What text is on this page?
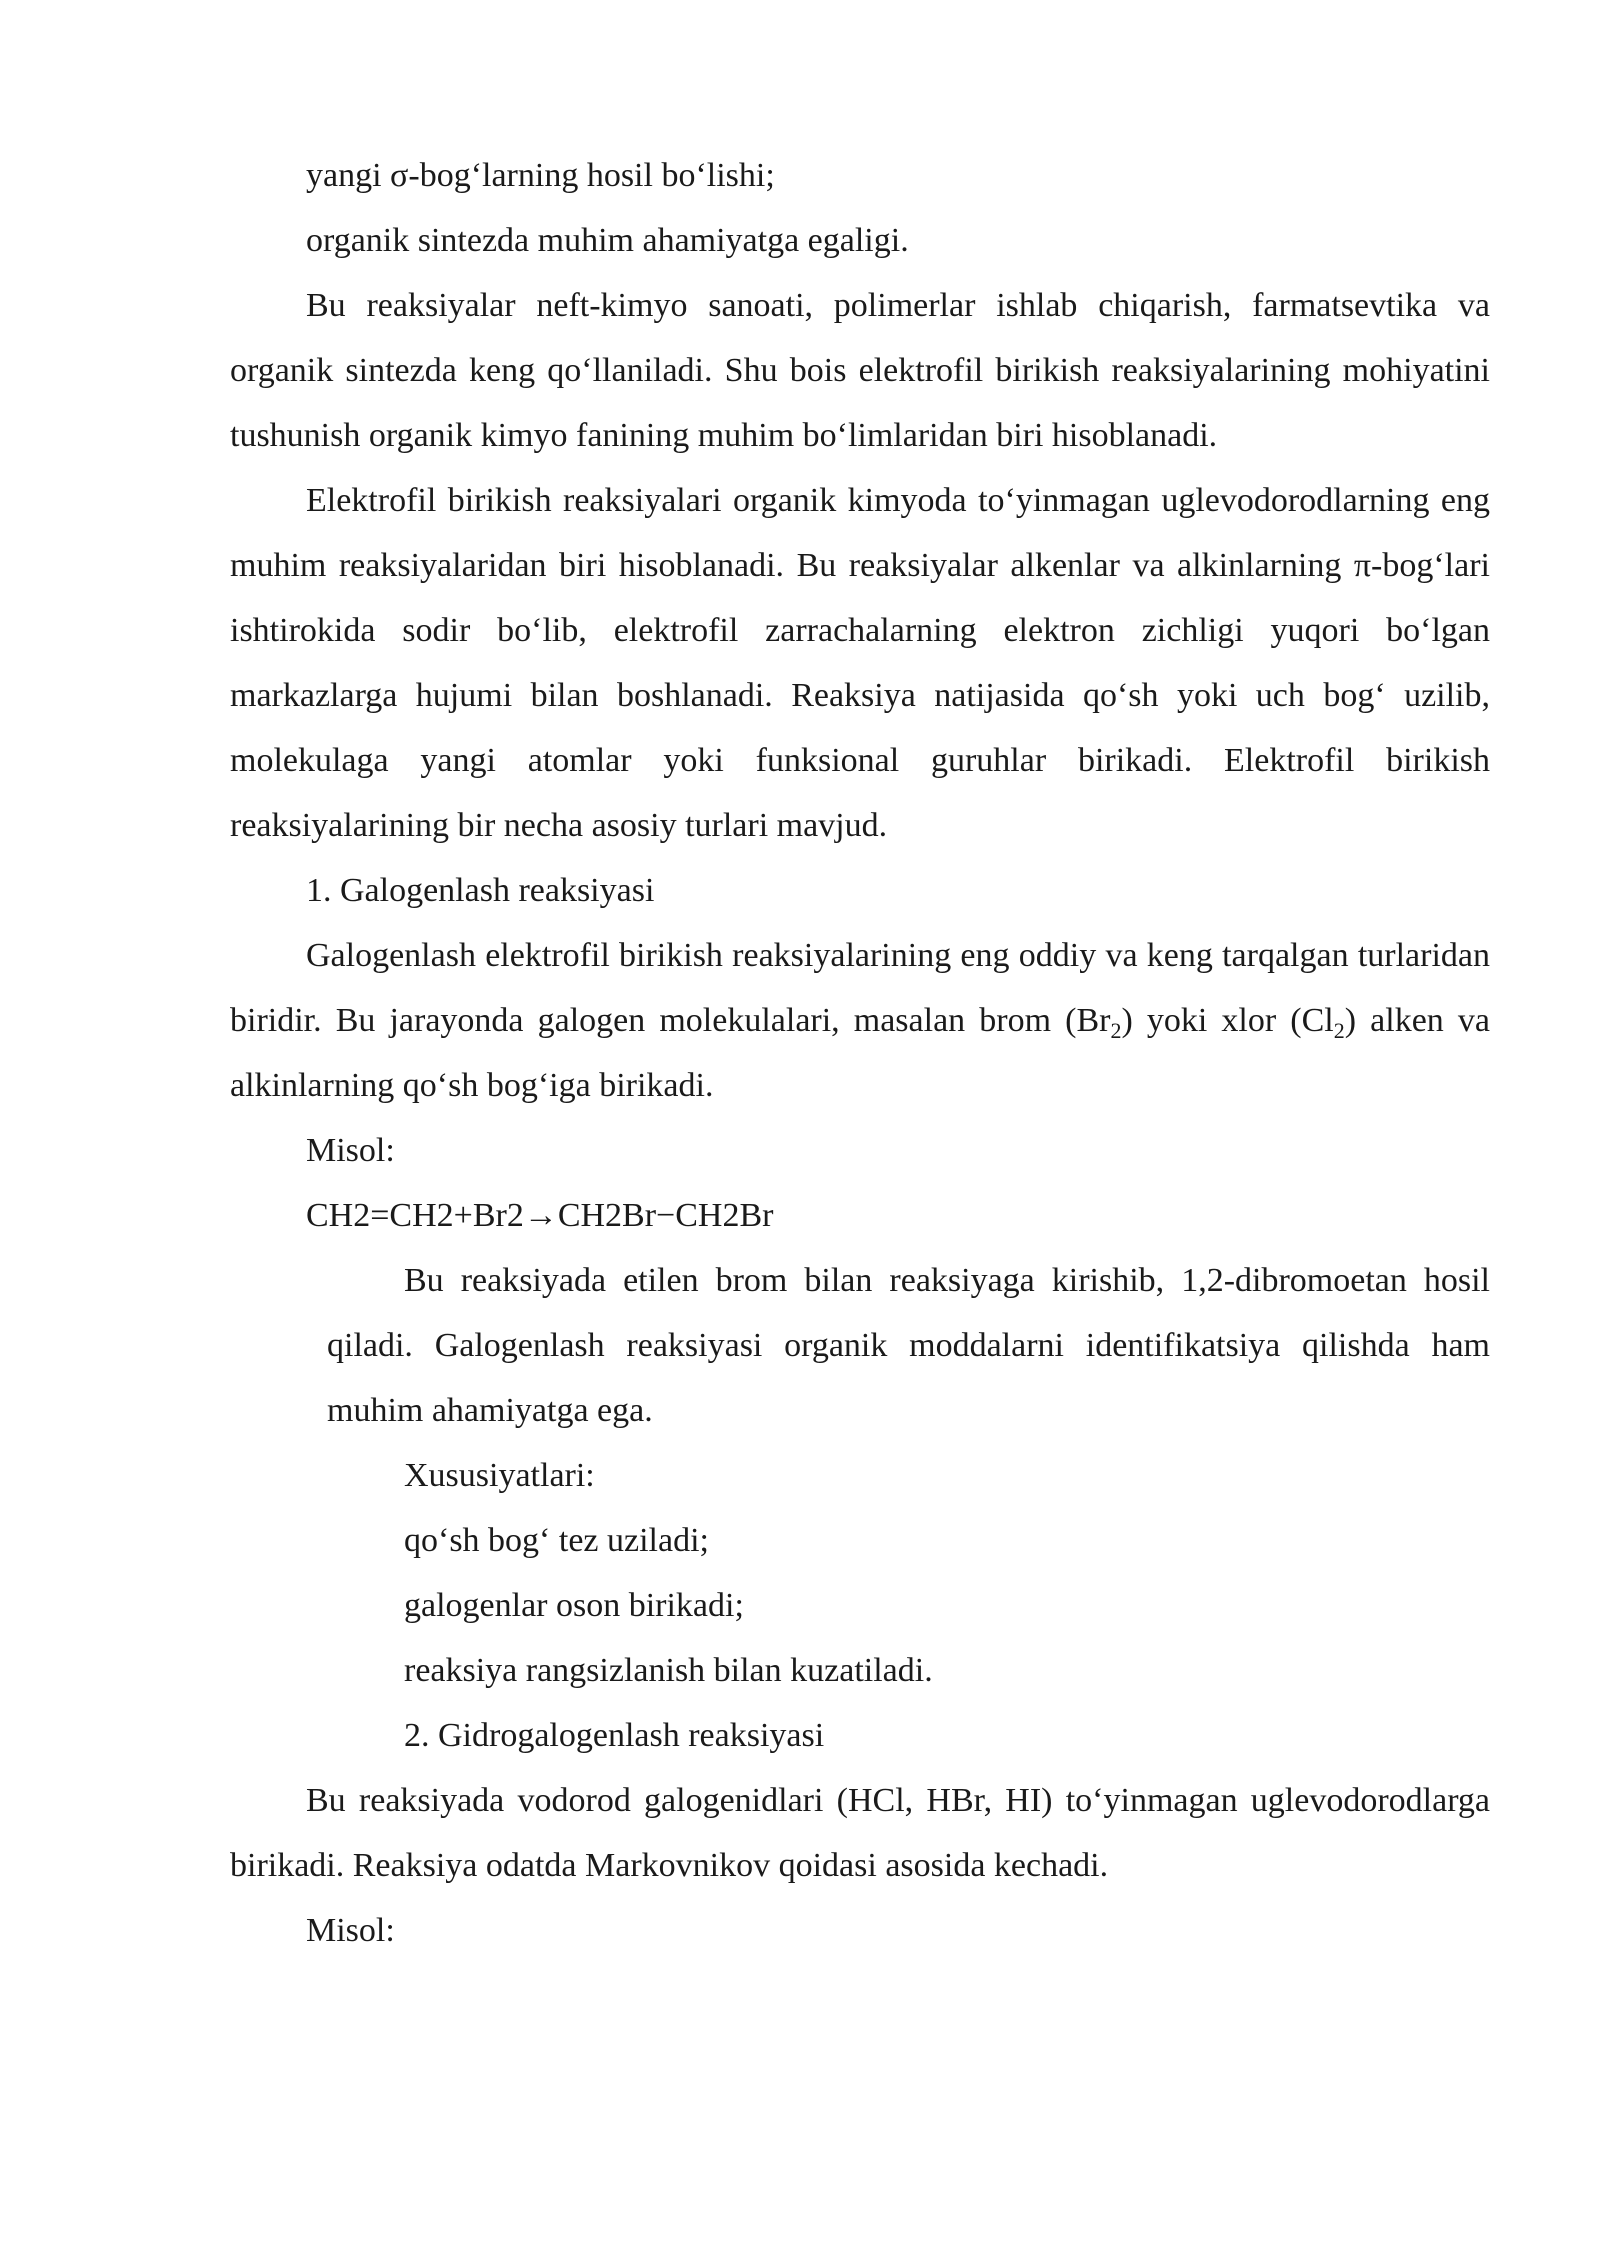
yangi σ-bog‘larning hosil bo‘lishi;

organik sintezda muhim ahamiyatga egaligi.

Bu reaksiyalar neft-kimyo sanoati, polimerlar ishlab chiqarish, farmatsevtika va organik sintezda keng qo‘llaniladi. Shu bois elektrofil birikish reaksiyalarining mohiyatini tushunish organik kimyo fanining muhim bo‘limlaridan biri hisoblanadi.

Elektrofil birikish reaksiyalari organik kimyoda to‘yinmagan uglevodorodlarning eng muhim reaksiyalaridan biri hisoblanadi. Bu reaksiyalar alkenlar va alkinlarning π-bog‘lari ishtirokida sodir bo‘lib, elektrofil zarrachalarning elektron zichligi yuqori bo‘lgan markazlarga hujumi bilan boshlanadi. Reaksiya natijasida qo‘sh yoki uch bog‘ uzilib, molekulaga yangi atomlar yoki funksional guruhlar birikadi. Elektrofil birikish reaksiyalarining bir necha asosiy turlari mavjud.

1. Galogenlash reaksiyasi

Galogenlash elektrofil birikish reaksiyalarining eng oddiy va keng tarqalgan turlaridan biridir. Bu jarayonda galogen molekulalari, masalan brom $(Br_2)$ yoki xlor $(Cl_2)$ alken va alkinlarning qo‘sh bog‘iga birikadi.

Misol:

CH2=CH2+Br2→CH2Br−CH2Br

Bu reaksiyada etilen brom bilan reaksiyaga kirishib, 1,2-dibromoetan hosil qiladi. Galogenlash reaksiyasi organik moddalarni identifikatsiya qilishda ham muhim ahamiyatga ega.

Xususiyatlari:

qo‘sh bog‘ tez uziladi;

galogenlar oson birikadi;

reaksiya rangsizlanish bilan kuzatiladi.

2. Gidrogalogenlash reaksiyasi

Bu reaksiyada vodorod galogenidlari (HCl, HBr, HI) to‘yinmagan uglevodorodlarga birikadi. Reaksiya odatda Markovnikov qoidasi asosida kechadi.

Misol:
